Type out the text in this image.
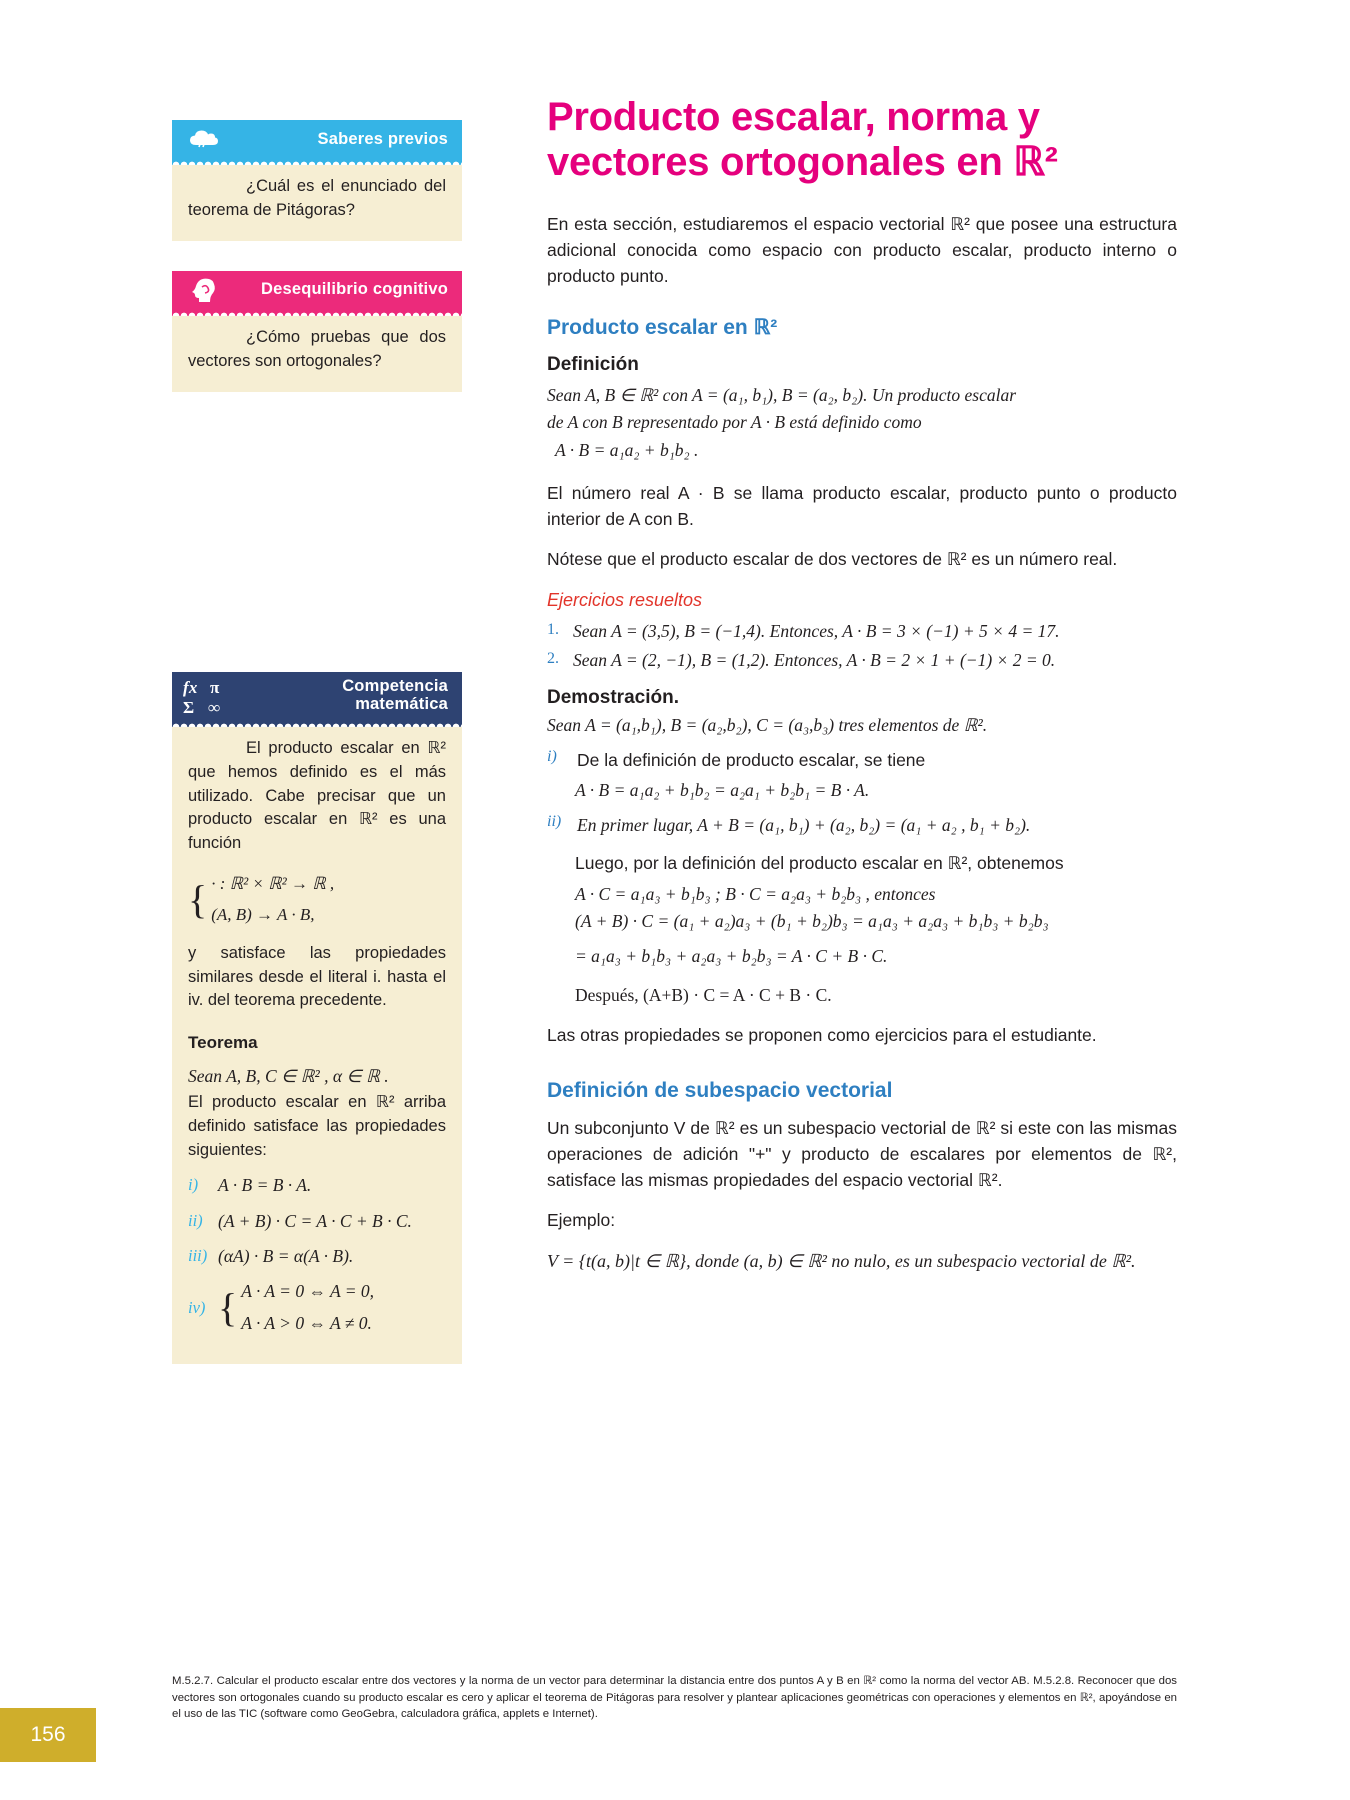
Saberes previos
¿Cuál es el enunciado del teorema de Pitágoras?
Desequilibrio cognitivo
¿Cómo pruebas que dos vectores son ortogonales?
fx π
Σ ∞
Competencia
matemática
El producto escalar en ℝ² que hemos definido es el más utilizado. Cabe precisar que un producto escalar en ℝ² es una función
{ · : ℝ² × ℝ² → ℝ ,
(A, B) → A · B,
y satisface las propiedades similares desde el literal i. hasta el iv. del teorema precedente.
Teorema
Sean A, B, C ∈ ℝ² , α ∈ ℝ .
El producto escalar en ℝ² arriba definido satisface las propiedades siguientes:
i)	A · B = B · A.
ii) (A + B) · C = A · C + B · C.
iii) (αA) · B = α(A · B).
iv) { A · A = 0 ⇔ A = 0,
A · A > 0 ⇔ A ≠ 0.
Producto escalar, norma y vectores ortogonales en ℝ²

En esta sección, estudiaremos el espacio vectorial ℝ² que posee una estructura adicional conocida como espacio con producto escalar, producto interno o producto punto.

Producto escalar en ℝ²
Definición
Sean A, B ∈ ℝ² con A = (a₁, b₁), B = (a₂, b₂). Un producto escalar
de A con B representado por A · B está definido como
A · B = a₁a₂ + b₁b₂ .

El número real A · B se llama producto escalar, producto punto o producto interior de A con B.

Nótese que el producto escalar de dos vectores de ℝ² es un número real.

Ejercicios resueltos
1. Sean A = (3,5), B = (−1,4). Entonces, A · B = 3 × (−1) + 5 × 4 = 17.
2. Sean A = (2, −1), B = (1,2). Entonces, A · B = 2 × 1 + (−1) × 2 = 0.
Demostración.
Sean A = (a₁,b₁), B = (a₂,b₂), C = (a₃,b₃) tres elementos de ℝ².
i)	De la definición de producto escalar, se tiene
A · B = a₁a₂ + b₁b₂ = a₂a₁ + b₂b₁ = B · A.
ii) En primer lugar, A + B = (a₁, b₁) + (a₂, b₂) = (a₁ + a₂ , b₁ + b₂).

Luego, por la definición del producto escalar en ℝ², obtenemos

A · C = a₁a₃ + b₁b₃ ; B · C = a₂a₃ + b₂b₃ , entonces
(A + B) · C = (a₁ + a₂)a₃ + (b₁ + b₂)b₃ = a₁a₃ + a₂a₃ + b₁b₃ + b₂b₃
= a₁a₃ + b₁b₃ + a₂a₃ + b₂b₃ = A · C + B · C.
Después, (A+B) · C = A · C + B · C.

Las otras propiedades se proponen como ejercicios para el estudiante.

Definición de subespacio vectorial

Un subconjunto V de ℝ² es un subespacio vectorial de ℝ² si este con las mismas operaciones de adición "+" y producto de escalares por elementos de ℝ², satisface las mismas propiedades del espacio vectorial ℝ².

Ejemplo:

V = {t(a, b)|t ∈ ℝ}, donde (a, b) ∈ ℝ² no nulo, es un subespacio vectorial de ℝ².

M.5.2.7. Calcular el producto escalar entre dos vectores y la norma de un vector para determinar la distancia entre dos puntos A y B en ℝ² como la norma del vector AB. M.5.2.8. Reconocer que dos vectores son ortogonales cuando su producto escalar es cero y aplicar el teorema de Pitágoras para resolver y plantear aplicaciones geométricas con operaciones y elementos en ℝ², apoyándose en el uso de las TIC (software como GeoGebra, calculadora gráfica, applets e Internet).
156
